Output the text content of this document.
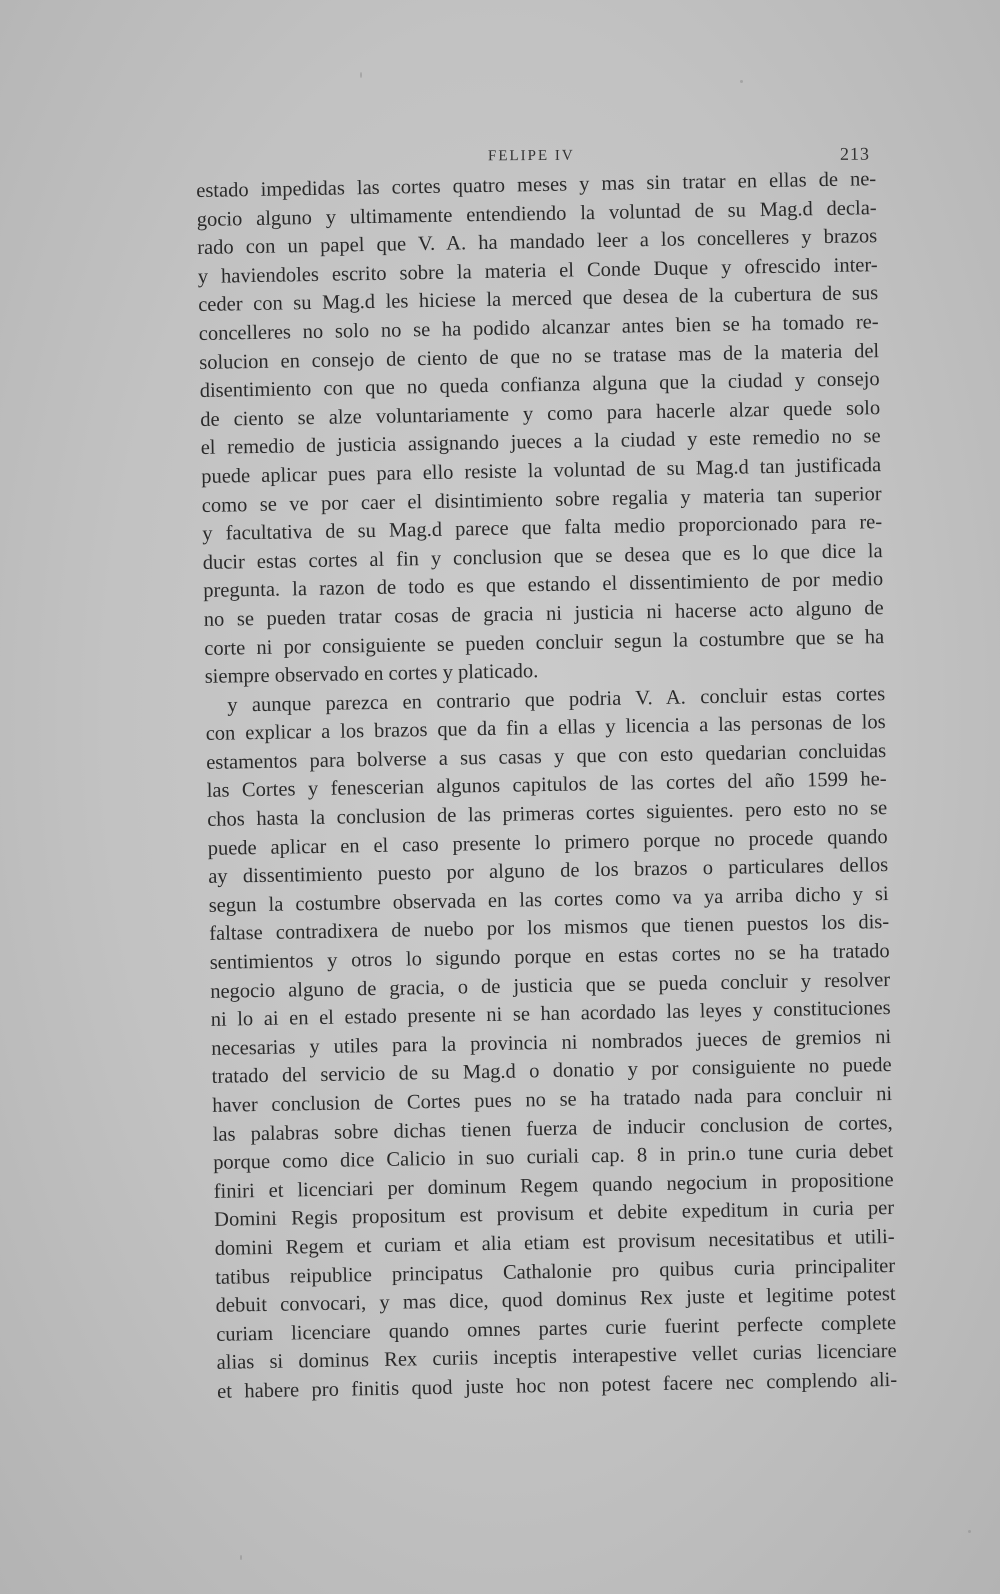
FELIPE IV	213
estado impedidas las cortes quatro meses y mas sin tratar en ellas de ne-
gocio alguno y ultimamente entendiendo la voluntad de su Mag.d decla-
rado con un papel que V. A. ha mandado leer a los concelleres y brazos
y haviendoles escrito sobre la materia el Conde Duque y ofrescido inter-
ceder con su Mag.d les hiciese la merced que desea de la cubertura de sus
concelleres no solo no se ha podido alcanzar antes bien se ha tomado re-
solucion en consejo de ciento de que no se tratase mas de la materia del
disentimiento con que no queda confianza alguna que la ciudad y consejo
de ciento se alze voluntariamente y como para hacerle alzar quede solo
el remedio de justicia assignando jueces a la ciudad y este remedio no se
puede aplicar pues para ello resiste la voluntad de su Mag.d tan justificada
como se ve por caer el disintimiento sobre regalia y materia tan superior
y facultativa de su Mag.d parece que falta medio proporcionado para re-
ducir estas cortes al fin y conclusion que se desea que es lo que dice la
pregunta. la razon de todo es que estando el dissentimiento de por medio
no se pueden tratar cosas de gracia ni justicia ni hacerse acto alguno de
corte ni por consiguiente se pueden concluir segun la costumbre que se ha
siempre observado en cortes y platicado.
y aunque parezca en contrario que podria V. A. concluir estas cortes
con explicar a los brazos que da fin a ellas y licencia a las personas de los
estamentos para bolverse a sus casas y que con esto quedarian concluidas
las Cortes y fenescerian algunos capitulos de las cortes del año 1599 he-
chos hasta la conclusion de las primeras cortes siguientes. pero esto no se
puede aplicar en el caso presente lo primero porque no procede quando
ay dissentimiento puesto por alguno de los brazos o particulares dellos
segun la costumbre observada en las cortes como va ya arriba dicho y si
faltase contradixera de nuebo por los mismos que tienen puestos los dis-
sentimientos y otros lo sigundo porque en estas cortes no se ha tratado
negocio alguno de gracia, o de justicia que se pueda concluir y resolver
ni lo ai en el estado presente ni se han acordado las leyes y constituciones
necesarias y utiles para la provincia ni nombrados jueces de gremios ni
tratado del servicio de su Mag.d o donatio y por consiguiente no puede
haver conclusion de Cortes pues no se ha tratado nada para concluir ni
las palabras sobre dichas tienen fuerza de inducir conclusion de cortes,
porque como dice Calicio in suo curiali cap. 8 in prin.o tune curia debet
finiri et licenciari per dominum Regem quando negocium in propositione
Domini Regis propositum est provisum et debite expeditum in curia per
domini Regem et curiam et alia etiam est provisum necesitatibus et utili-
tatibus reipublice principatus Cathalonie pro quibus curia principaliter
debuit convocari, y mas dice, quod dominus Rex juste et legitime potest
curiam licenciare quando omnes partes curie fuerint perfecte complete
alias si dominus Rex curiis inceptis interapestive vellet curias licenciare
et habere pro finitis quod juste hoc non potest facere nec complendo ali-
